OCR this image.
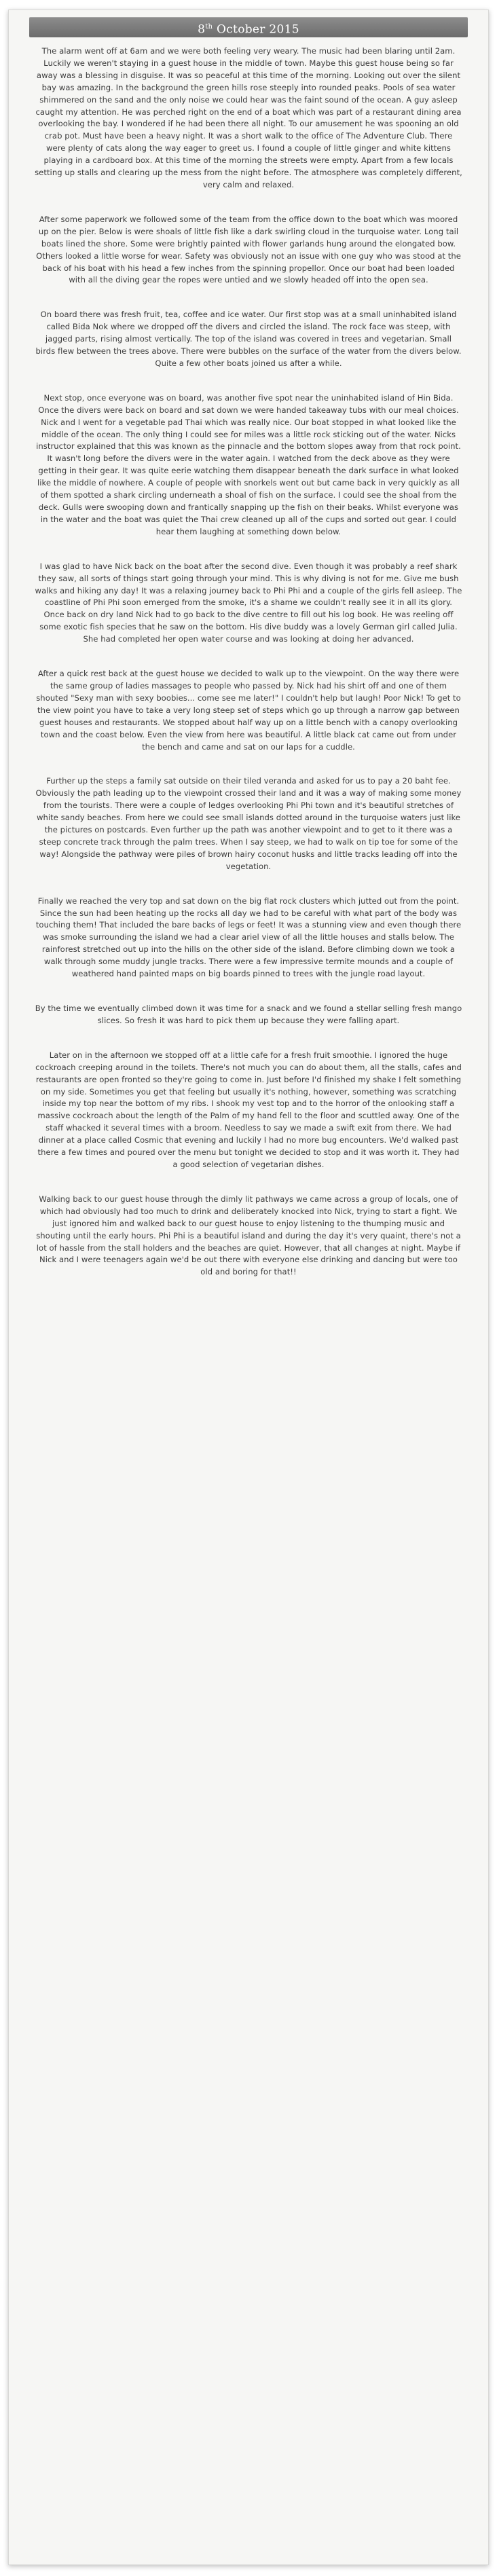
8th October 2015

The alarm went off at 6am and we were both feeling very weary. The music had been blaring until 2am. Luckily we weren't staying in a guest house in the middle of town. Maybe this guest house being so far away was a blessing in disguise. It was so peaceful at this time of the morning. Looking out over the silent bay was amazing. In the background the green hills rose steeply into rounded peaks. Pools of sea water shimmered on the sand and the only noise we could hear was the faint sound of the ocean. A guy asleep caught my attention. He was perched right on the end of a boat which was part of a restaurant dining area overlooking the bay. I wondered if he had been there all night. To our amusement he was spooning an old crab pot. Must have been a heavy night. It was a short walk to the office of The Adventure Club. There were plenty of cats along the way eager to greet us. I found a couple of little ginger and white kittens playing in a cardboard box. At this time of the morning the streets were empty. Apart from a few locals setting up stalls and clearing up the mess from the night before. The atmosphere was completely different, very calm and relaxed.

After some paperwork we followed some of the team from the office down to the boat which was moored up on the pier. Below is were shoals of little fish like a dark swirling cloud in the turquoise water. Long tail boats lined the shore. Some were brightly painted with flower garlands hung around the elongated bow. Others looked a little worse for wear. Safety was obviously not an issue with one guy who was stood at the back of his boat with his head a few inches from the spinning propellor. Once our boat had been loaded with all the diving gear the ropes were untied and we slowly headed off into the open sea.

On board there was fresh fruit, tea, coffee and ice water. Our first stop was at a small uninhabited island called Bida Nok where we dropped off the divers and circled the island. The rock face was steep, with jagged parts, rising almost vertically. The top of the island was covered in trees and vegetarian. Small birds flew between the trees above. There were bubbles on the surface of the water from the divers below. Quite a few other boats joined us after a while.

Next stop, once everyone was on board, was another five spot near the uninhabited island of Hin Bida. Once the divers were back on board and sat down we were handed takeaway tubs with our meal choices. Nick and I went for a vegetable pad Thai which was really nice. Our boat stopped in what looked like the middle of the ocean. The only thing I could see for miles was a little rock sticking out of the water. Nicks instructor explained that this was known as the pinnacle and the bottom slopes away from that rock point. It wasn't long before the divers were in the water again. I watched from the deck above as they were getting in their gear. It was quite eerie watching them disappear beneath the dark surface in what looked like the middle of nowhere. A couple of people with snorkels went out but came back in very quickly as all of them spotted a shark circling underneath a shoal of fish on the surface. I could see the shoal from the deck. Gulls were swooping down and frantically snapping up the fish on their beaks. Whilst everyone was in the water and the boat was quiet the Thai crew cleaned up all of the cups and sorted out gear. I could hear them laughing at something down below.

I was glad to have Nick back on the boat after the second dive. Even though it was probably a reef shark they saw, all sorts of things start going through your mind. This is why diving is not for me. Give me bush walks and hiking any day! It was a relaxing journey back to Phi Phi and a couple of the girls fell asleep. The coastline of Phi Phi soon emerged from the smoke, it's a shame we couldn't really see it in all its glory. Once back on dry land Nick had to go back to the dive centre to fill out his log book. He was reeling off some exotic fish species that he saw on the bottom. His dive buddy was a lovely German girl called Julia. She had completed her open water course and was looking at doing her advanced.

After a quick rest back at the guest house we decided to walk up to the viewpoint. On the way there were the same group of ladies massages to people who passed by. Nick had his shirt off and one of them shouted "Sexy man with sexy boobies... come see me later!" I couldn't help but laugh! Poor Nick! To get to the view point you have to take a very long steep set of steps which go up through a narrow gap between guest houses and restaurants. We stopped about half way up on a little bench with a canopy overlooking town and the coast below. Even the view from here was beautiful. A little black cat came out from under the bench and came and sat on our laps for a cuddle.

Further up the steps a family sat outside on their tiled veranda and asked for us to pay a 20 baht fee. Obviously the path leading up to the viewpoint crossed their land and it was a way of making some money from the tourists. There were a couple of ledges overlooking Phi Phi town and it's beautiful stretches of white sandy beaches. From here we could see small islands dotted around in the turquoise waters just like the pictures on postcards. Even further up the path was another viewpoint and to get to it there was a steep concrete track through the palm trees. When I say steep, we had to walk on tip toe for some of the way! Alongside the pathway were piles of brown hairy coconut husks and little tracks leading off into the vegetation.

Finally we reached the very top and sat down on the big flat rock clusters which jutted out from the point. Since the sun had been heating up the rocks all day we had to be careful with what part of the body was touching them! That included the bare backs of legs or feet! It was a stunning view and even though there was smoke surrounding the island we had a clear ariel view of all the little houses and stalls below. The rainforest stretched out up into the hills on the other side of the island. Before climbing down we took a walk through some muddy jungle tracks. There were a few impressive termite mounds and a couple of weathered hand painted maps on big boards pinned to trees with the jungle road layout.

By the time we eventually climbed down it was time for a snack and we found a stellar selling fresh mango slices. So fresh it was hard to pick them up because they were falling apart.

Later on in the afternoon we stopped off at a little cafe for a fresh fruit smoothie. I ignored the huge cockroach creeping around in the toilets. There's not much you can do about them, all the stalls, cafes and restaurants are open fronted so they're going to come in. Just before I'd finished my shake I felt something on my side. Sometimes you get that feeling but usually it's nothing, however, something was scratching inside my top near the bottom of my ribs. I shook my vest top and to the horror of the onlooking staff a massive cockroach about the length of the Palm of my hand fell to the floor and scuttled away. One of the staff whacked it several times with a broom. Needless to say we made a swift exit from there. We had dinner at a place called Cosmic that evening and luckily I had no more bug encounters. We'd walked past there a few times and poured over the menu but tonight we decided to stop and it was worth it. They had a good selection of vegetarian dishes.

Walking back to our guest house through the dimly lit pathways we came across a group of locals, one of which had obviously had too much to drink and deliberately knocked into Nick, trying to start a fight. We just ignored him and walked back to our guest house to enjoy listening to the thumping music and shouting until the early hours. Phi Phi is a beautiful island and during the day it's very quaint, there's not a lot of hassle from the stall holders and the beaches are quiet. However, that all changes at night. Maybe if Nick and I were teenagers again we'd be out there with everyone else drinking and dancing but were too old and boring for that!!
